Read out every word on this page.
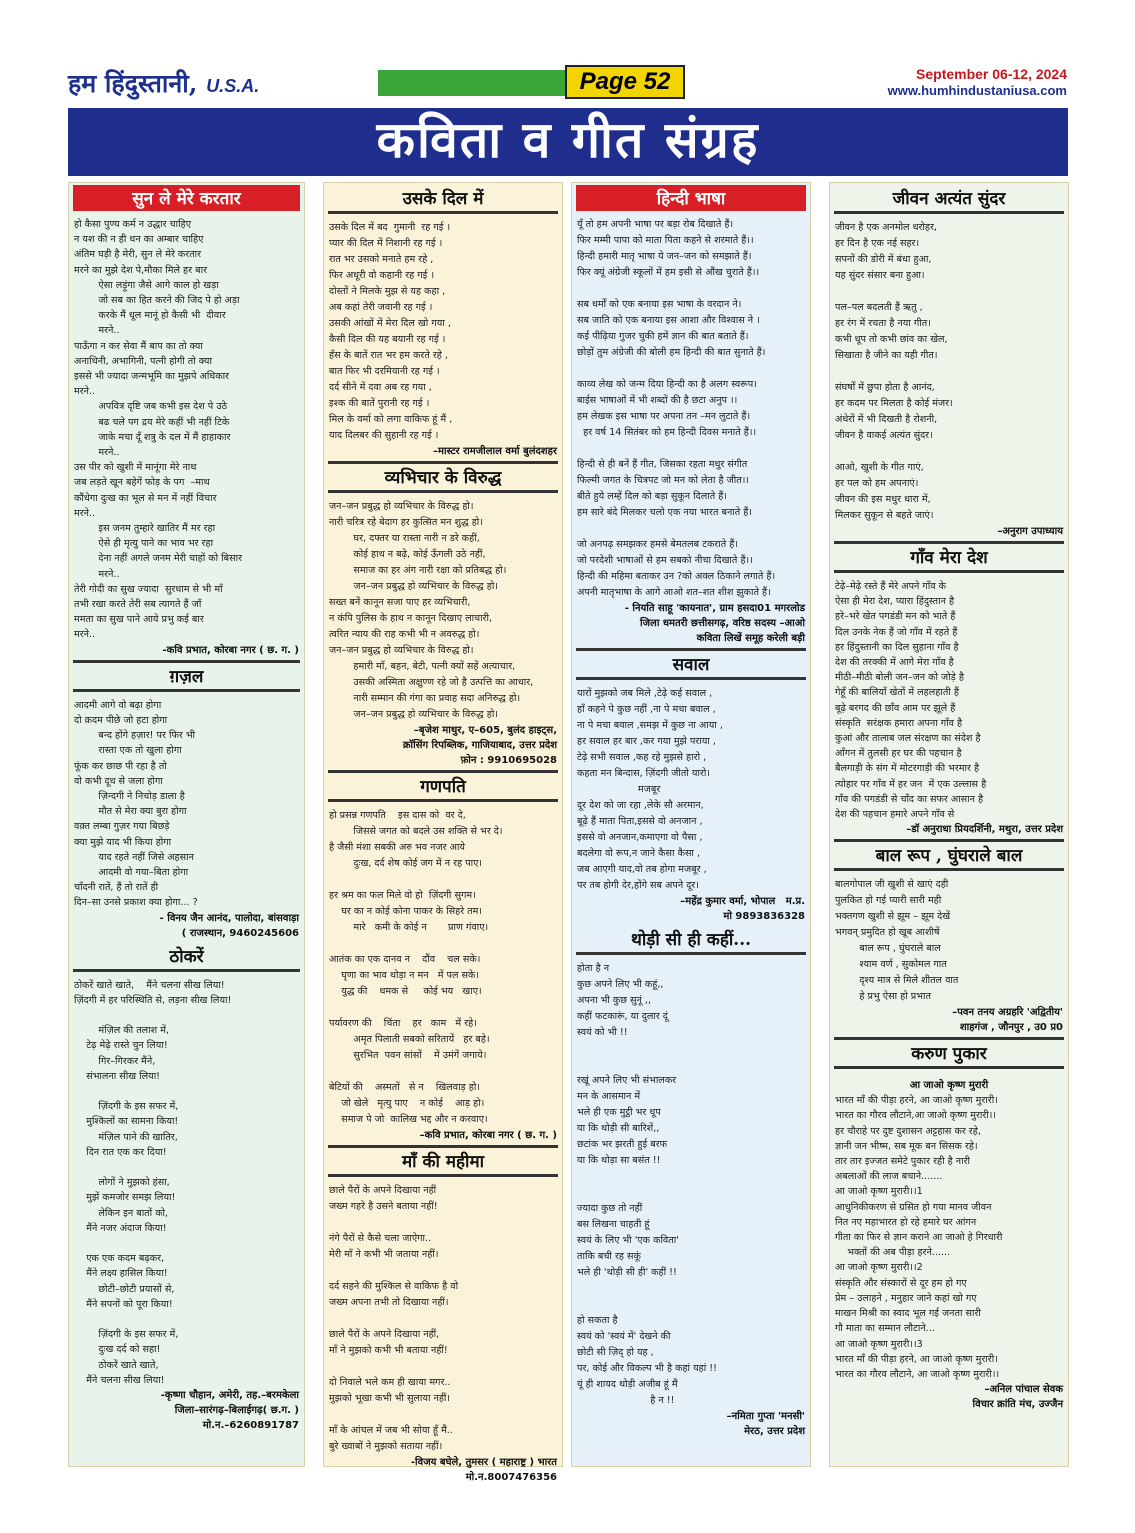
हम हिंदुस्तानी, U.S.A.	Page 52	September 06-12, 2024
www.humhindustaniusa.com
कविता व गीत संग्रह
सुन ले मेरे करतार
हो कैसा पुण्य कर्म न उद्धार चाहिए
न यश की न ही धन का अम्बार चाहिए
अंतिम घड़ी है मेरी, सुन ले मेरे करतार
मरने का मुझे देश पे,मौका मिले हर बार
ऐसा लड़ूंगा जैसे आगे काल हो खड़ा
जो सब का हित करने की जिद पे हो अड़ा
करके मैं धूल मानूं हो कैसी भी  दीवार
मरने..
पाऊँगा न कर सेवा मैं बाप का तो क्या
अनाथिनी, अभागिनी, पत्नी होगी तो क्या
इससे भी ज्यादा जन्मभूमि का मुझपे अधिकार
मरने..
अपवित्र दृष्टि जब कभी इस देश पे उठे
बढ चले पग द्रय मेरे कहीं भी नहीं टिके
जाके मचा दूँ शत्रु के दल में मैं हाहाकार
मरने..
उस पीर को खुशी में मानूंगा मेरे नाथ
जब लड़ते खून बहेगें फोड़ के पग  –माथ
कौंधेगा दुःख का भूल से मन में नहीं विचार
मरने..
इस जनम तुम्हारे खातिर मैं मर रहा
ऐसे ही मृत्यु पाने का भाव भर रहा
देना नहीं अगले जनम मेरी चाहों को बिसार
मरने..
तेरी गोदी का सुख ज्यादा  सुरधाम से भी माँ
तभी रखा करते तेरी सब त्यागते हैं जाँ
ममता का सुख पाने आये प्रभु कई बार
मरने..
-कवि प्रभात, कोरबा नगर ( छ. ग. )
ग़ज़ल
आदमी आगे वो बढ़ा होगा
दो क़दम पीछे जो हटा होगा
बन्द होंगे हज़ार! पर फिर भी
रास्ता एक तो खुला होगा
फूंक कर छाछ पी रहा है तो
वो कभी दूध से जला होगा
ज़िन्दगी ने निचोड़ डाला है
मौत से मेरा क्या बुरा होगा
वक़्त लम्बा गुज़र गया बिछड़े
क्या मुझे याद भी किया होगा
याद रहते नहीं जिसे अहसान
आदमी वो गया–बिता होगा
चाँदनी रातें, हैं तो रातें ही
दिन–सा उनसे प्रकाश क्या होगा... ?
- विनय जैन आनंद, पालोदा, बांसवाड़ा
( राजस्थान, 9460245606
ठोकरें
ठोकरें खाते खाते,    मैंने चलना सीख लिया!
ज़िंदगी में हर परिस्थिति से, लड़ना सीख लिया!

मंज़िल की तलाश में,
टेढ़ मेढ़े रास्ते चुन लिया!
गिर–गिरकर मैंने,
संभालना सीख लिया!

ज़िंदगी के इस सफर में,
मुश्किलों का सामना किया!
मंज़िल पाने की खातिर,
दिन रात एक कर दिया!

लोगों ने मुझको हंसा,
मुझें कमजोर समझ लिया!
लेकिन इन बातों को,
मैंने नजर अंदाज किया!

एक एक कदम बढ़कर,
मैंने लक्ष्य हासिल किया!
छोटी–छोटी प्रयासों से,
मैंने सपनों को पूरा किया!

ज़िंदगी के इस सफर में,
दुःख दर्द को सहा!
ठोकरें खाते खाते,
मैंने चलना सीख लिया!
-कृष्णा चौहान, अमेरी, तह.–बरमकेला
जिला–सारंगढ़–बिलाईगढ़( छ.ग. )
मो.न.–6260891787
उसके दिल में
उसके दिल में बद  गुमानी  रह गई ।
प्यार की दिल में निशानी रह गई ।
रात भर उसको मनाते हम रहे ,
फिर अधूरी वो कहानी रह गई ।
दोस्तों ने मिलके मुझ से यह कहा ,
अब कहां तेरी जवानी रह गई ।
उसकी आंखों में मेरा दिल खो गया ,
कैसी दिल की यह बयानी रह गई ।
हँस के बातें रात भर हम करते रहे ,
बात फिर भी दरमियानी रह गई ।
दर्द सीने में दवा अब रह गया ,
इश्क की बातें पुरानी रह गई ।
मिल के वर्मा को लगा वाकिफ हूं मैं ,
याद दिलबर की सुहानी रह गई ।
–मास्टर रामजीलाल वर्मा बुलंदशहर
व्यभिचार के विरुद्ध
जन–जन प्रबुद्ध हो व्यभिचार के विरुद्ध हो।
नारी चरित्र रहे बेदाग हर कुत्सित मन शुद्ध हो।
घर, दफ्तर या रास्ता नारी न डरे कहीं,
कोई हाथ न बढ़े, कोई ऊँगली उठे नहीं,
समाज का हर अंग नारी रक्षा को प्रतिबद्ध हो।
जन–जन प्रबुद्ध हो व्यभिचार के विरुद्ध हो।
सख्त बनें कानून सजा पाए हर व्यभिचारी,
न कंपि पुलिस के हाथ न कानून दिखाए लाचारी,
त्वरित न्याय की राह कभी भी न अवरुद्ध हो।
जन–जन प्रबुद्ध हो व्यभिचार के विरुद्ध हो।
हमारी माँ, बहन, बेटी, पत्नी क्यों सहें अत्याचार,
उसकी अस्मिता अक्षुण्ण रहे जो है उत्पत्ति का आधार,
नारी सम्मान की गंगा का प्रवाह सदा अनिरुद्ध हो।
जन–जन प्रबुद्ध हो व्यभिचार के विरुद्ध हो।
–बृजेश माथुर, ए–605, बुलंद हाइट्स,
क्रॉसिंग रिपब्लिक, गाजियाबाद, उत्तर प्रदेश
फ़ोन : 9910695028
गणपति
हो प्रसन्न गणपति    इस दास को  वर दे,
जिससे जगत को बदले उस शक्ति से भर दे।
है जैसी मंशा सबकी अरु भव नजर आये
दुःख, दर्द शेष कोई जग में न रह पाए।

हर श्रम का फल मिले वो हो  ज़िंदगी सुगम।
घर का न कोई कोना पाकर के सिहरे तम।
मारे   कमी के कोई न       प्राण गंवाए।

आतंक का एक दानव न    दौंव    चल सके।
घृणा का भाव थोड़ा न मन   में पल सके।
युद्ध की    धमक से     कोई भय   खाए।

पर्यावरण की    चिंता    हर   काम   में रहे।
अमृत पिलाती सबको सरितायें   हर बहे।
सुरभित  पवन सांसों    में उमंगें जगाये।

बेटियों की    अस्मतों   से न    खिलवाड़ हो।
जो खेले   मृत्यु पाए    न कोई    आड़ हो।
समाज पे जो  कालिख भद्द और न करवाए।
–कवि प्रभात, कोरबा नगर ( छ. ग. )
माँ की महीमा
छाले पैरों के अपने दिखाया नहीं
जख्म गहरे है उसने बताया नहीं!

नंगे पैरों से कैसे चला जाऐगा..
मेरी माँ ने कभी भी जताया नहीं।

दर्द सहने की मुश्किल से वाकिफ है वो
जख्म अपना तभी तो दिखाया नहीं।

छाले पैरों के अपने दिखाया नहीं,
माँ ने मुझको कभी भी बताया नहीं!

दो निवाले भले कम ही खाया मगर..
मुझको भूखा कभी भी सुलाया नहीं।

माँ के आंचल में जब भी सोया हूँ मैं..
बुरे ख्वाबों ने मुझको सताया नहीं।
-विजय बघेले, तुमसर ( महाराष्ट्र ) भारत
मो.न.8007476356
हिन्दी भाषा
यूँ तो हम अपनी भाषा पर बड़ा रोब दिखाते हैं।
फिर मम्मी पापा को माता पिता कहने से शरमाते हैं।।
हिन्दी हमारी मातृ भाषा ये जन–जन को समझाते हैं।
फिर क्यूं अंग्रेजी स्कूलों में हम इसी से औंख चुराते हैं।।

सब धर्मों को एक बनाया इस भाषा के वरदान ने।
सब जाति को एक बनाया इस आशा और विश्वास ने ।
कई पीढ़िया गुजर चुकी हमें ज्ञान की बात बताते हैं।
छोड़ों तुम अंग्रेजी की बोली हम हिन्दी की बात सुनाते हैं।

काव्य लेख को जन्म दिया हिन्दी का है अलग स्वरूप।
बाईस भाषाओं में भी शब्दों की है छटा अनुप ।।
हम लेखक इस भाषा पर अपना तन –मन लुटाते हैं।
हर वर्ष 14 सितंबर को हम हिन्दी दिवस मनाते हैं।।

हिन्दी से ही बनें हैं गीत, जिसका रहता मधुर संगीत
फिल्मी जगत के चित्रपट जो मन को लेता है जीत।।
बीते हुये लम्हें दिल को बड़ा सुकून दिलाते हैं।
हम सारे बंदे मिलकर चलो एक नया भारत बनाते हैं।

जो अनपढ़ समझकर हमसे बेमतलब टकराते हैं।
जो परदेशी भाषाओं से हम सबको नीचा दिखाते हैं।।
हिन्दी की महिमा बताकर उन ?को अक्ल ठिकाने लगाते हैं।
अपनी मातृभाषा के आगे आओ शत–शत शीश झुकाते हैं।
- नियति साहू 'कायनात', ग्राम हसदा01 मगरलोड
जिला धमतरी छत्तीसगढ़, वरिष्ठ सदस्य –आओ
कविता लिखें समूह करेली बड़ी
सवाल
यारों मुझको जब मिले ,टेढ़े कई सवाल ,
हाँ कहने पे कुछ नहीं ,ना पे मचा बवाल ,
ना पे मचा बवाल ,समझ में कुछ ना आया ,
हर सवाल हर बार ,कर गया मुझे पराया ,
टेढ़े सभी सवाल ,कह रहे मुझसे हारो ,
कहता मन बिन्दास, ज़िंदगी जीतो यारो।
मजबूर
दूर देश को जा रहा ,लेके सौ अरमान,
बूढ़े हैं माता पिता,इससे वो अनजान ,
इससे वो अनजान,कमाएगा वो पैसा ,
बदलेगा वो रूप,न जाने कैसा कैसा ,
जब आएगी याद,वो तब होगा मजबूर ,
पर तब होगी देर,होंगे सब अपने दूर।
–महेंद्र कुमार वर्मा, भोपाल   म.प्र.
मो 9893836328
थोड़ी सी ही कहीं...
होता है न
कुछ अपने लिए भी कहूं,,
अपना भी कुछ सुनूं ,,
कहीं फटकारूं, या दुलार दूं
स्वयं को भी !!

रखूं अपने लिए भी संभालकर
मन के आसमान में
भले ही एक मुट्ठी भर धूप
या कि थोड़ी सी बारिशें,,
छटांक भर झरती हुई बरफ
या कि थोड़ा सा बसंत !!

ज्यादा कुछ तो नहीं
बस लिखना चाहती हूं
स्वयं के लिए भी 'एक कविता'
ताकि बची रह सकूं
भले ही 'थोड़ी सी ही' कहीं !!

हो सकता है
स्वयं को 'स्वयं में' देखने की
छोटी सी ज़िद् हो यह ,
पर, कोई और विकल्प भी है कहां यहां !!
यूं ही शायद थोड़ी अजीब हूं मैं
है न !!
–नमिता गुप्ता 'मनसी'
मेरठ, उत्तर प्रदेश
जीवन अत्यंत सुंदर
जीवन है एक अनमोल धरोहर,
हर दिन है एक नई सहर।
सपनों की डोरी में बंधा हुआ,
यह सुंदर संसार बना हुआ।

पल–पल बदलती हैं ऋतु ,
हर रंग में रचता है नया गीत।
कभी धूप तो कभी छांव का खेल,
सिखाता है जीने का यही गीत।

संघर्षों में छुपा होता है आनंद,
हर कदम पर मिलता है कोई मंजर।
अंधेरों में भी दिखती है रोशनी,
जीवन है वाकई अत्यंत सुंदर।

आओ, खुशी के गीत गाएं,
हर पल को हम अपनाएं।
जीवन की इस मधुर धारा में,
मिलकर सुकून से बहते जाएं।
–अनुराग उपाध्याय
गाँव मेरा देश
टेढ़े–मेढ़े रस्ते हैं मेरे अपने गाँव के
ऐसा ही मेरा देश, प्यारा हिंदुस्तान है
हरे–भरे खेत पगडंडी मन को भाते हैं
दिल उनके नेक हैं जो गाँव में रहते हैं
हर हिंदुस्तानी का दिल सुहाना गाँव है
देश की तरक्की में आगे मेरा गाँव है
मीठी–मीठी बोली जन–जन को जोड़े है
गेहूँ की बालियाँ खेतों में लहलहाती हैं
बूढ़े बरगद की छाँव आम पर झूले हैं
संस्कृति  सरंक्षक हमारा अपना गाँव है
कुआं और तालाब जल संरक्षण का संदेश है
आँगन में तुलसी हर घर की पहचान है
बैलगाड़ी के संग में मोटरगाड़ी की भरमार है
त्योहार पर गाँव में हर जन  में एक उल्लास है
गाँव की पगडंडी से चाँद का सफर आसान है
देश की पहचान हमारे अपने गाँव से
–डॉ अनुराधा प्रियदर्शिनी, मथुरा, उत्तर प्रदेश
बाल रूप , घुंघराले बाल
बालगोपाल जी खुशी से खाएं दही
पुलकित हो गई प्यारी सारी मही
भक्तगण खुशी से झूम – झूम देखें
भगवन् प्रमुदित हो खूब आशीषें
बाल रूप , घुंघराले बाल
श्याम वर्ण , सुकोमल गात
दृश्य मात्र से मिले शीतल वात
हे प्रभु ऐसा हो प्रभात
–पवन तनय अग्रहरि 'अद्वितीय'
शाहगंज , जौनपुर , उ0 प्र0
करुण पुकार
आ जाओ कृष्ण मुरारी
भारत माँ की पीड़ा हरने, आ जाओ कृष्ण मुरारी।
भारत का गौरव लौटाने,आ जाओ कृष्ण मुरारी।।
हर चौराहे पर दुष्ट दुशासन अट्टहास कर रहे,
ज्ञानी जन भीष्म, सब मूक बन सिसक रहे।
तार तार इज्जत समेटे पुकार रही है नारी
अबलाओं की लाज बचाने.......
आ जाओ कृष्ण मुरारी।।1
आधुनिकीकरण से ग्रसित हो गया मानव जीवन
नित नए महाभारत हो रहे हमारे घर आंगन
गीता का फिर से ज्ञान कराने आ जाओ हे गिरधारी
भक्तों की अब पीड़ा हरने......
आ जाओ कृष्ण मुरारी।।2
संस्कृति और संस्कारों से दूर हम हो गए
प्रेम – उलाहने , मनुहार जाने कहां खो गए
माखन मिश्री का स्वाद भूल गई जनता सारी
गौ माता का सम्मान लौटाने...
आ जाओ कृष्ण मुरारी।।3
भारत माँ की पीड़ा हरने, आ जाओ कृष्ण मुरारी।
भारत का गौरव लौटाने, आ जाओ कृष्ण मुरारी।।
–अनिल पांचाल सेवक
विचार क्रांति मंच, उज्जैन
